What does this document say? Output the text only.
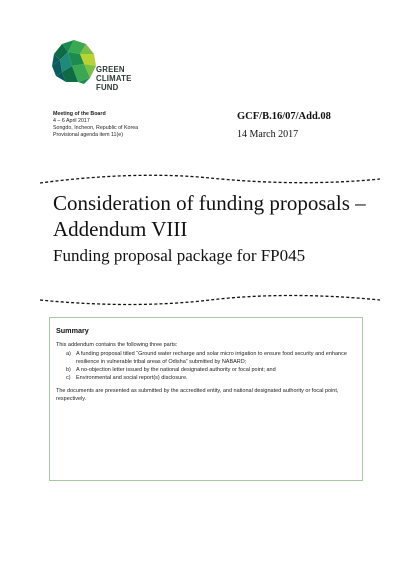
GREEN
CLIMATE
FUND
Meeting of the Board
4 – 6 April 2017
Songdo, Incheon, Republic of Korea
Provisional agenda item 11(e)
GCF/B.16/07/Add.08
14 March 2017
Consideration of funding proposals – Addendum VIII
Funding proposal package for FP045
Summary
This addendum contains the following three parts:
a) A funding proposal titled “Ground water recharge and solar micro irrigation to ensure food security and enhance resilience in vulnerable tribal areas of Odisha” submitted by NABARD;
b) A no-objection letter issued by the national designated authority or focal point; and
c) Environmental and social report(s) disclosure.
The documents are presented as submitted by the accredited entity, and national designated authority or focal point, respectively.
